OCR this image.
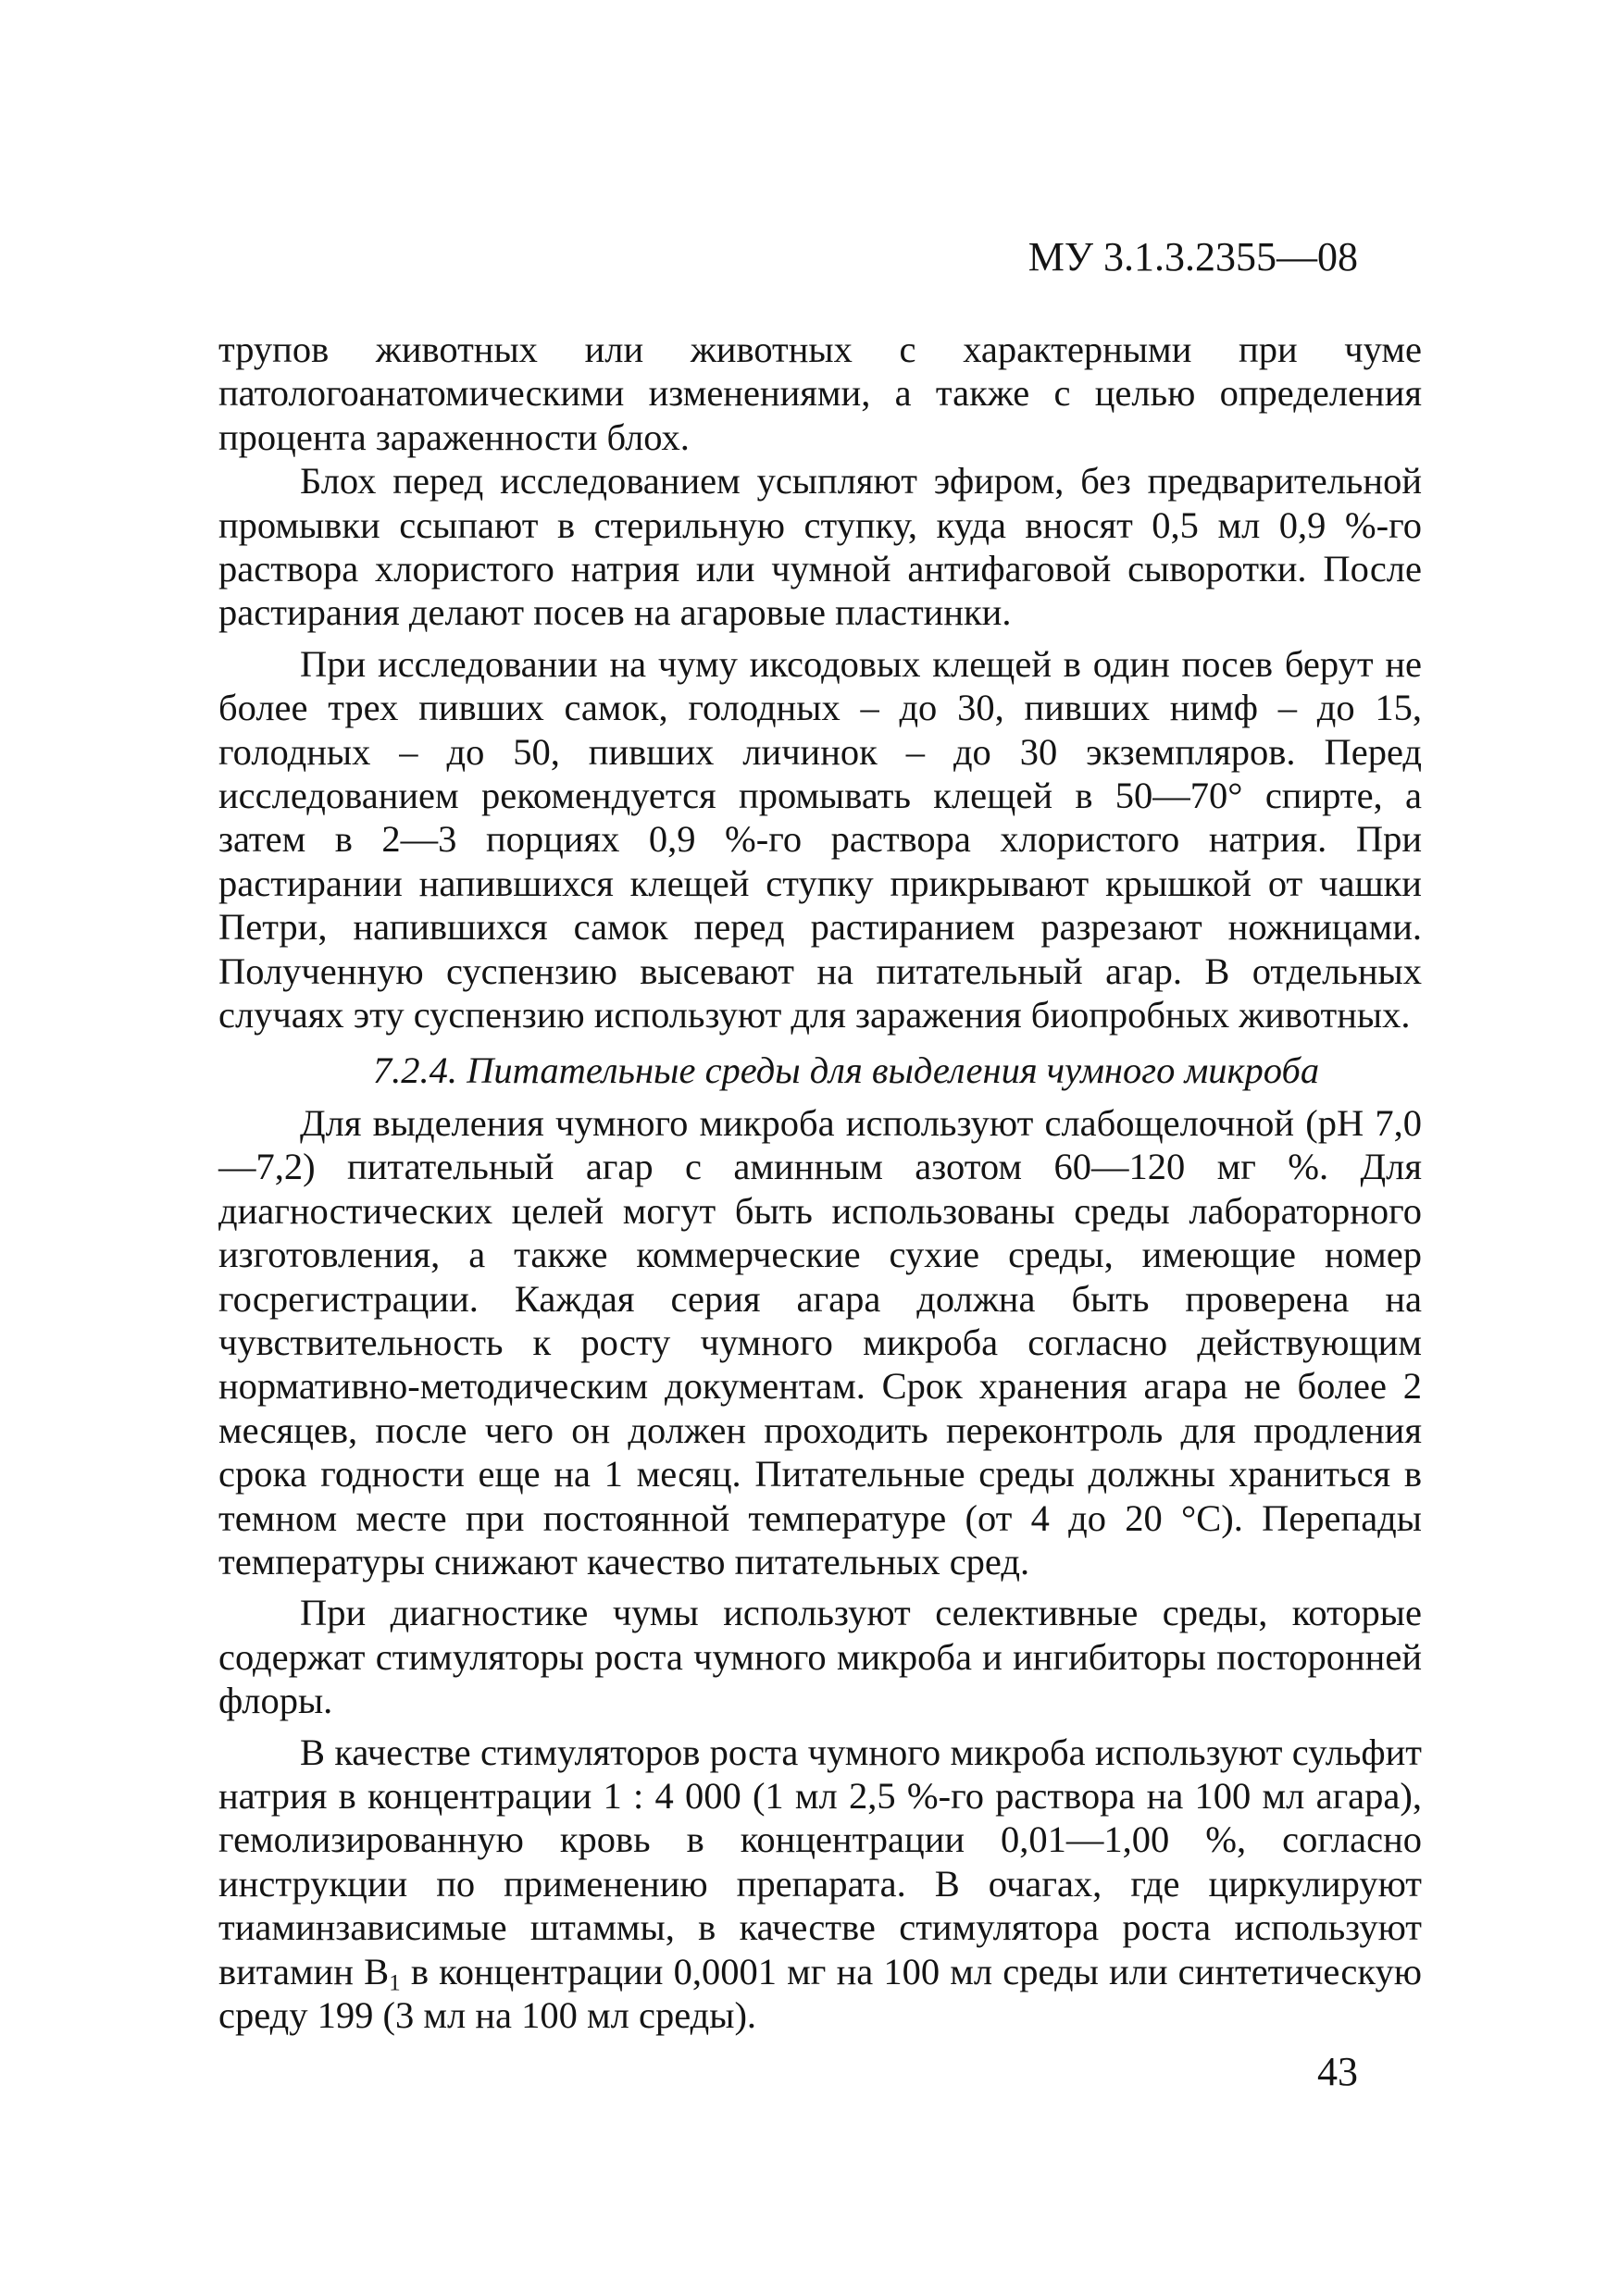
МУ 3.1.3.2355—08

трупов животных или животных с характерными при чуме патологоанатомическими изменениями, а также с целью определения процента зараженности блох.

Блох перед исследованием усыпляют эфиром, без предварительной промывки ссыпают в стерильную ступку, куда вносят 0,5 мл 0,9 %-го раствора хлористого натрия или чумной антифаговой сыворотки. После растирания делают посев на агаровые пластинки.

При исследовании на чуму иксодовых клещей в один посев берут не более трех пивших самок, голодных – до 30, пивших нимф – до 15, голодных – до 50, пивших личинок – до 30 экземпляров. Перед исследованием рекомендуется промывать клещей в 50—70° спирте, а затем в 2—3 порциях 0,9 %-го раствора хлористого натрия. При растирании напившихся клещей ступку прикрывают крышкой от чашки Петри, напившихся самок перед растиранием разрезают ножницами. Полученную суспензию высевают на питательный агар. В отдельных случаях эту суспензию используют для заражения биопробных животных.

7.2.4. Питательные среды для выделения чумного микроба

Для выделения чумного микроба используют слабощелочной (pH 7,0—7,2) питательный агар с аминным азотом 60—120 мг %. Для диагностических целей могут быть использованы среды лабораторного изготовления, а также коммерческие сухие среды, имеющие номер госрегистрации. Каждая серия агара должна быть проверена на чувствительность к росту чумного микроба согласно действующим нормативно-методическим документам. Срок хранения агара не более 2 месяцев, после чего он должен проходить переконтроль для продления срока годности еще на 1 месяц. Питательные среды должны храниться в темном месте при постоянной температуре (от 4 до 20 °С). Перепады температуры снижают качество питательных сред.

При диагностике чумы используют селективные среды, которые содержат стимуляторы роста чумного микроба и ингибиторы посторонней флоры.

В качестве стимуляторов роста чумного микроба используют сульфит натрия в концентрации 1 : 4 000 (1 мл 2,5 %-го раствора на 100 мл агара), гемолизированную кровь в концентрации 0,01—1,00 %, согласно инструкции по применению препарата. В очагах, где циркулируют тиаминзависимые штаммы, в качестве стимулятора роста используют витамин $B_1$ в концентрации 0,0001 мг на 100 мл среды или синтетическую среду 199 (3 мл на 100 мл среды).

43
